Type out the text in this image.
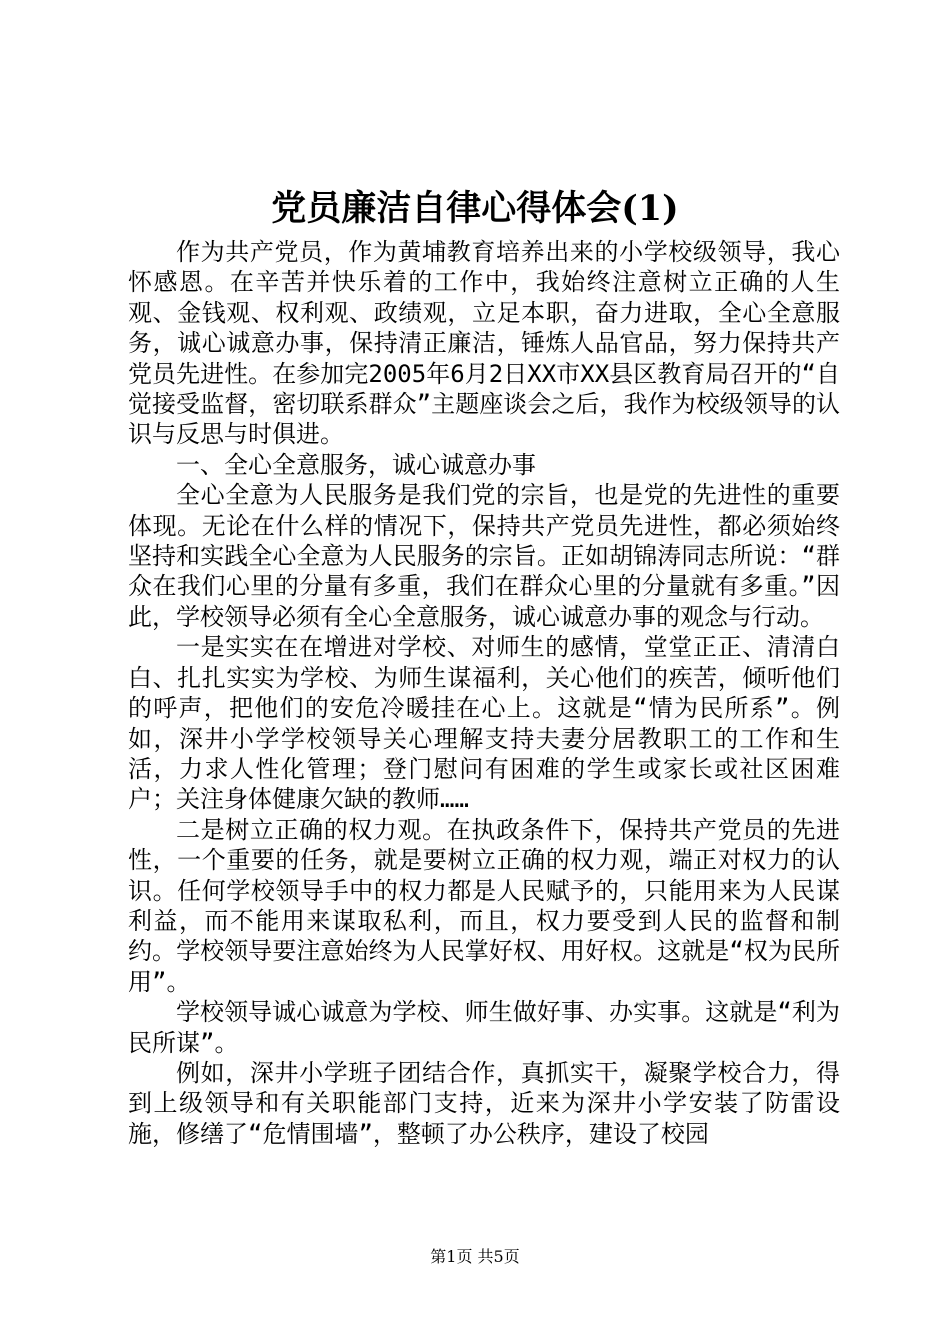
党员廉洁自律心得体会(1)

作为共产党员，作为黄埔教育培养出来的小学校级领导，我心怀感恩。在辛苦并快乐着的工作中，我始终注意树立正确的人生观、金钱观、权利观、政绩观，立足本职，奋力进取，全心全意服务，诚心诚意办事，保持清正廉洁，锤炼人品官品，努力保持共产党员先进性。在参加完2005年6月2日XX市XX县区教育局召开的“自觉接受监督，密切联系群众”主题座谈会之后，我作为校级领导的认识与反思与时俱进。

一、全心全意服务，诚心诚意办事

全心全意为人民服务是我们党的宗旨，也是党的先进性的重要体现。无论在什么样的情况下，保持共产党员先进性，都必须始终坚持和实践全心全意为人民服务的宗旨。正如胡锦涛同志所说：“群众在我们心里的分量有多重，我们在群众心里的分量就有多重。”因此，学校领导必须有全心全意服务，诚心诚意办事的观念与行动。

一是实实在在增进对学校、对师生的感情，堂堂正正、清清白白、扎扎实实为学校、为师生谋福利，关心他们的疾苦，倾听他们的呼声，把他们的安危冷暖挂在心上。这就是“情为民所系”。例如，深井小学学校领导关心理解支持夫妻分居教职工的工作和生活，力求人性化管理；登门慰问有困难的学生或家长或社区困难户；关注身体健康欠缺的教师……

二是树立正确的权力观。在执政条件下，保持共产党员的先进性，一个重要的任务，就是要树立正确的权力观，端正对权力的认识。任何学校领导手中的权力都是人民赋予的，只能用来为人民谋利益，而不能用来谋取私利，而且，权力要受到人民的监督和制约。学校领导要注意始终为人民掌好权、用好权。这就是“权为民所用”。

学校领导诚心诚意为学校、师生做好事、办实事。这就是“利为民所谋”。

例如，深井小学班子团结合作，真抓实干，凝聚学校合力，得到上级领导和有关职能部门支持，近来为深井小学安装了防雷设施，修缮了“危情围墙”，整顿了办公秩序，建设了校园

第1页 共5页
